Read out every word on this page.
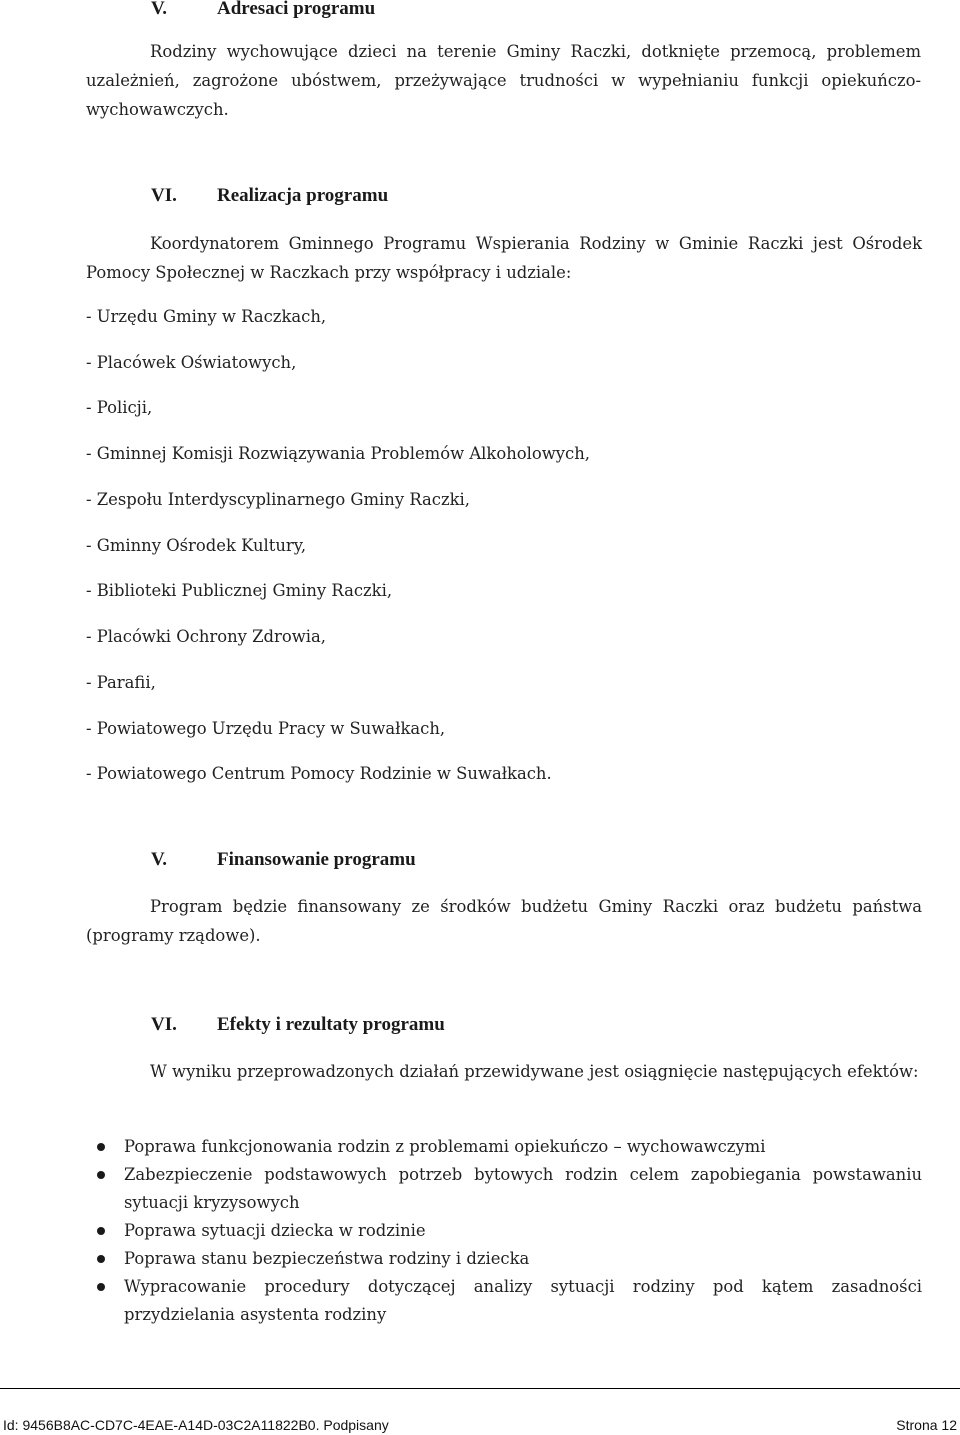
V.	Adresaci programu
Rodziny wychowujące dzieci na terenie Gminy Raczki, dotknięte przemocą, problemem uzależnień, zagrożone ubóstwem, przeżywające trudności w wypełnianiu funkcji opiekuńczo-wychowawczych.
VI. Realizacja programu
Koordynatorem Gminnego Programu Wspierania Rodziny w Gminie Raczki jest Ośrodek Pomocy Społecznej w Raczkach przy współpracy i udziale:
- Urzędu Gminy w Raczkach,
- Placówek Oświatowych,
- Policji,
- Gminnej Komisji Rozwiązywania Problemów Alkoholowych,
- Zespołu Interdyscyplinarnego Gminy Raczki,
- Gminny Ośrodek Kultury,
- Biblioteki Publicznej Gminy Raczki,
- Placówki Ochrony Zdrowia,
- Parafii,
- Powiatowego Urzędu Pracy w Suwałkach,
- Powiatowego Centrum Pomocy Rodzinie w Suwałkach.
V.	Finansowanie programu
Program będzie finansowany ze środków budżetu Gminy Raczki oraz budżetu państwa (programy rządowe).
VI. Efekty i rezultaty programu
W wyniku przeprowadzonych działań przewidywane jest osiągnięcie następujących efektów:
Poprawa funkcjonowania rodzin z problemami opiekuńczo – wychowawczymi
Zabezpieczenie podstawowych potrzeb bytowych rodzin celem zapobiegania powstawaniu sytuacji kryzysowych
Poprawa sytuacji dziecka w rodzinie
Poprawa stanu bezpieczeństwa rodziny i dziecka
Wypracowanie procedury dotyczącej analizy sytuacji rodziny pod kątem zasadności przydzielania asystenta rodziny
Id: 9456B8AC-CD7C-4EAE-A14D-03C2A11822B0. Podpisany	Strona 12
